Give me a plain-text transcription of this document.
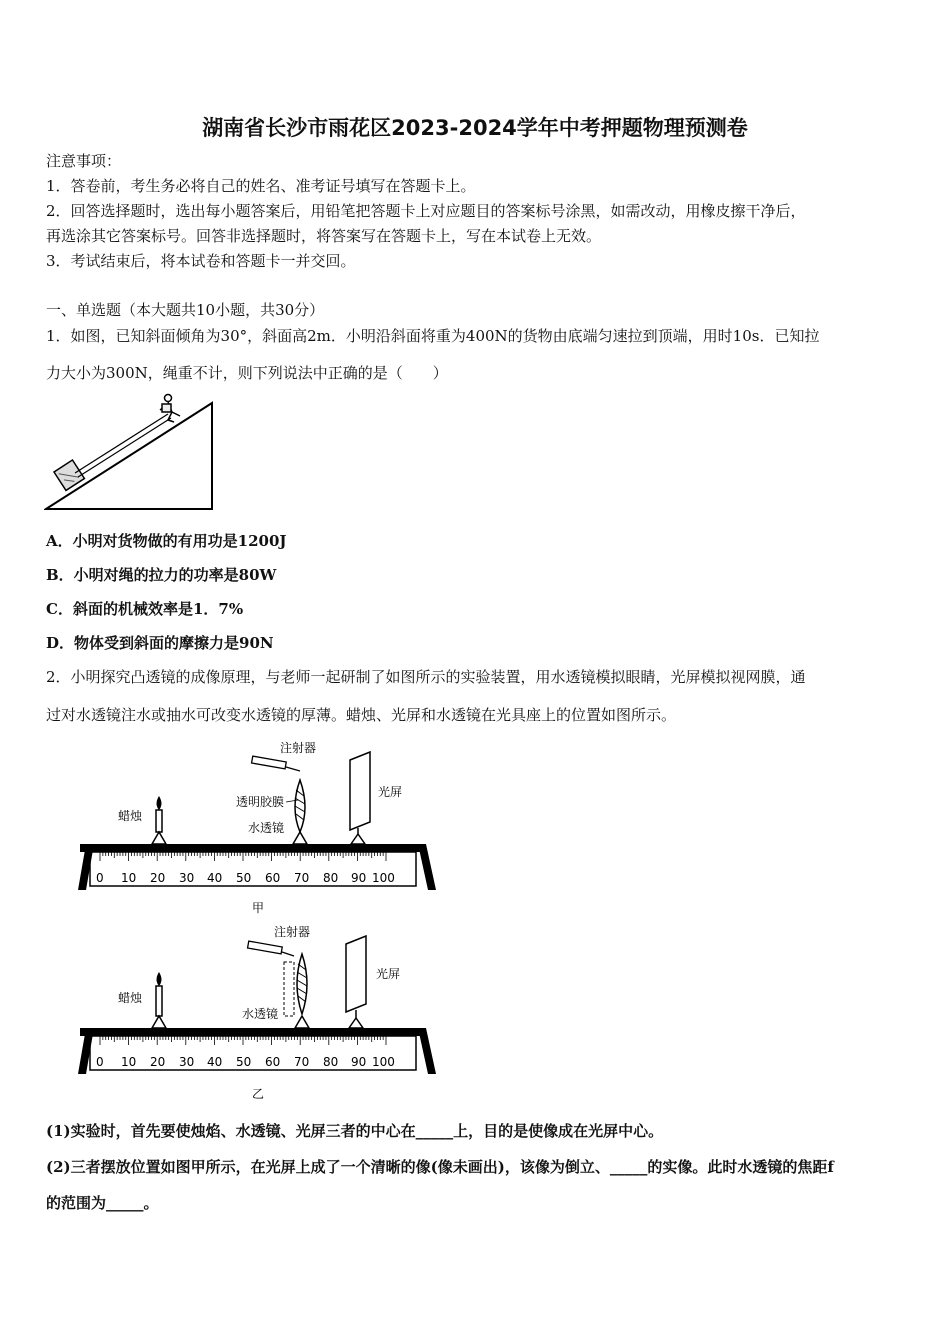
湖南省长沙市雨花区2023-2024学年中考押题物理预测卷
注意事项：
1．答卷前，考生务必将自己的姓名、准考证号填写在答题卡上。
2．回答选择题时，选出每小题答案后，用铅笔把答题卡上对应题目的答案标号涂黑，如需改动，用橡皮擦干净后，
再选涂其它答案标号。回答非选择题时，将答案写在答题卡上，写在本试卷上无效。
3．考试结束后，将本试卷和答题卡一并交回。
一、单选题（本大题共10小题，共30分）
1．如图，已知斜面倾角为30°，斜面高2m．小明沿斜面将重为400N的货物由底端匀速拉到顶端，用时10s．已知拉
力大小为300N，绳重不计，则下列说法中正确的是（　　）
A．小明对货物做的有用功是1200J
B．小明对绳的拉力的功率是80W
C．斜面的机械效率是1．7%
D．物体受到斜面的摩擦力是90N
2．小明探究凸透镜的成像原理，与老师一起研制了如图所示的实验装置，用水透镜模拟眼睛，光屏模拟视网膜，通
过对水透镜注水或抽水可改变水透镜的厚薄。蜡烛、光屏和水透镜在光具座上的位置如图所示。
0 10 20 30 40 50 60 70 80 90 100
蜡烛
透明胶膜
水透镜
注射器
光屏
甲
0 10 20 30 40 50 60 70 80 90 100
蜡烛
水透镜
注射器
光屏
乙
(1)实验时，首先要使烛焰、水透镜、光屏三者的中心在_____上，目的是使像成在光屏中心。
(2)三者摆放位置如图甲所示，在光屏上成了一个清晰的像(像未画出)，该像为倒立、_____的实像。此时水透镜的焦距f
的范围为_____。
